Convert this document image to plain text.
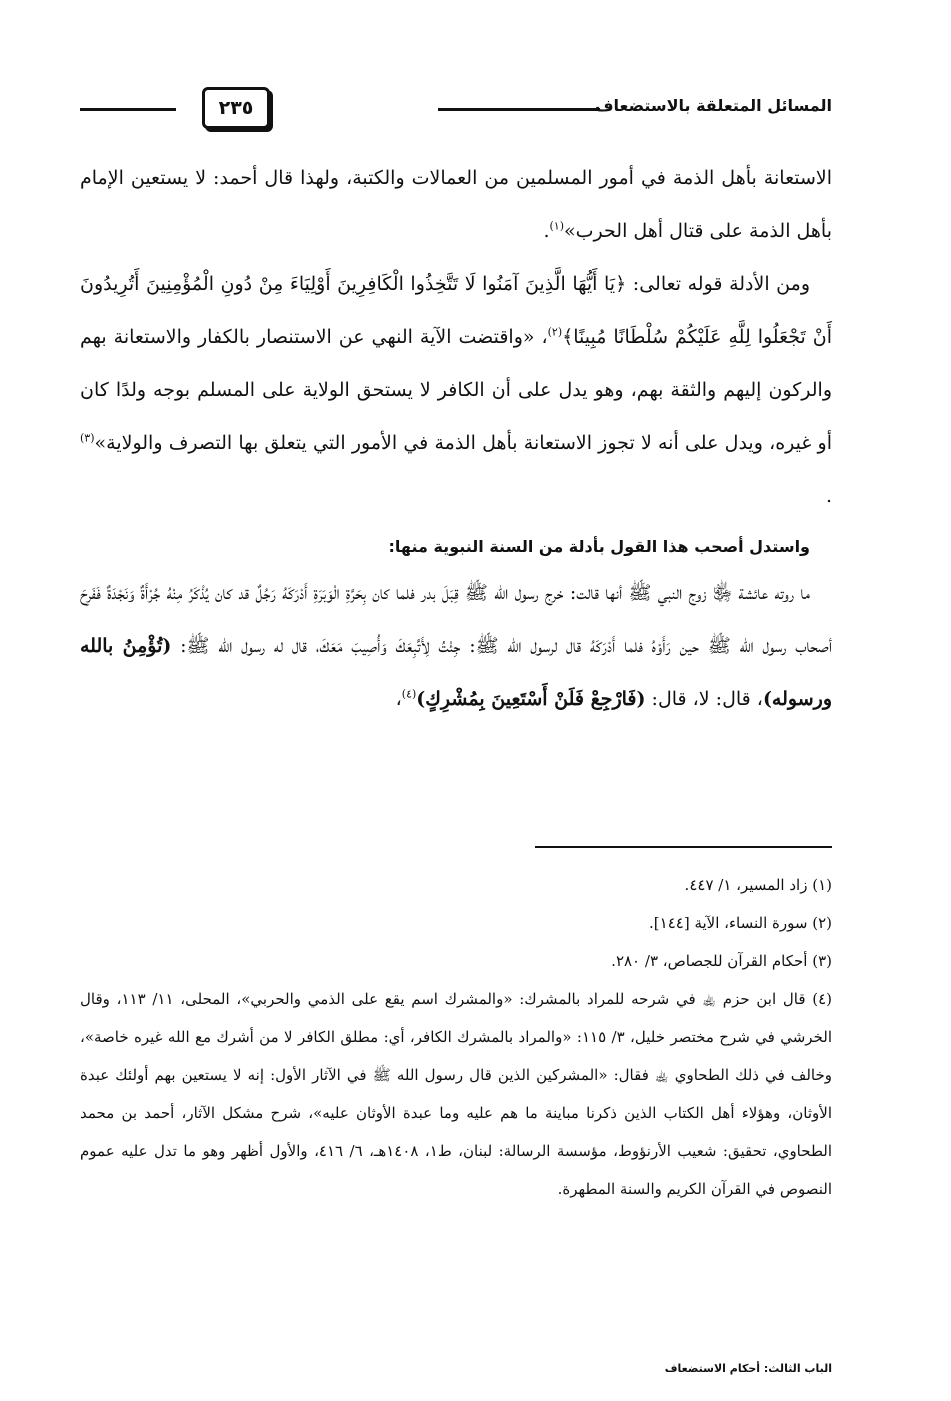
المسائل المتعلقة بالاستضعاف
٢٣٥

الاستعانة بأهل الذمة في أمور المسلمين من العمالات والكتبة، ولهذا قال أحمد: لا يستعين الإمام بأهل الذمة على قتال أهل الحرب»$^{(١)}$.

ومن الأدلة قوله تعالى: ﴿يَا أَيُّهَا الَّذِينَ آمَنُوا لَا تَتَّخِذُوا الْكَافِرِينَ أَوْلِيَاءَ مِنْ دُونِ الْمُؤْمِنِينَ أَتُرِيدُونَ أَنْ تَجْعَلُوا لِلَّهِ عَلَيْكُمْ سُلْطَانًا مُبِينًا﴾$^{(٢)}$، «واقتضت الآية النهي عن الاستنصار بالكفار والاستعانة بهم والركون إليهم والثقة بهم، وهو يدل على أن الكافر لا يستحق الولاية على المسلم بوجه ولدًا كان أو غيره، ويدل على أنه لا تجوز الاستعانة بأهل الذمة في الأمور التي يتعلق بها التصرف والولاية»$^{(٣)}$ .

واستدل أصحب هذا القول بأدلة من السنة النبوية منها:

ما روته عائشة ﵂ زوج النبي ﷺ أنها قالت: خرج رسول الله ﷺ قِبَلَ بدر فلما كان بِحَرَّةِ الْوَبَرَةِ أَدْرَكَهُ رَجُلٌ قد كان يُذْكَرُ مِنْهُ جُرْأَةٌ وَنَجْدَةٌ فَفَرِحَ أصحاب رسول الله ﷺ حين رَأَوْهُ فلما أَدْرَكَهُ قال لرسول الله ﷺ: جِئْتُ لِأَتَّبِعَكَ وَأُصِيبَ مَعَكَ، قال له رسول الله ﷺ: (تُؤْمِنُ بالله ورسوله)، قال: لا، قال: (فَارْجِعْ فَلَنْ أَسْتَعِينَ بِمُشْرِكٍ)$^{(٤)}$،

(١) زاد المسير، ١/ ٤٤٧.

(٢) سورة النساء، الآية [١٤٤].

(٣) أحكام القرآن للجصاص، ٣/ ٢٨٠.

(٤) قال ابن حزم ﵀ في شرحه للمراد بالمشرك: «والمشرك اسم يقع على الذمي والحربي»، المحلى، ١١/ ١١٣، وقال الخرشي في شرح مختصر خليل، ٣/ ١١٥: «والمراد بالمشرك الكافر، أي: مطلق الكافر لا من أشرك مع الله غيره خاصة»، وخالف في ذلك الطحاوي ﵀ فقال: «المشركين الذين قال رسول الله ﷺ في الآثار الأول: إنه لا يستعين بهم أولئك عبدة الأوثان، وهؤلاء أهل الكتاب الذين ذكرنا مباينة ما هم عليه وما عبدة الأوثان عليه»، شرح مشكل الآثار، أحمد بن محمد الطحاوي، تحقيق: شعيب الأرنؤوط، مؤسسة الرسالة: لبنان، ط١، ١٤٠٨هـ، ٦/ ٤١٦، والأول أظهر وهو ما تدل عليه عموم النصوص في القرآن الكريم والسنة المطهرة.

الباب الثالث: أحكام الاستضعاف
